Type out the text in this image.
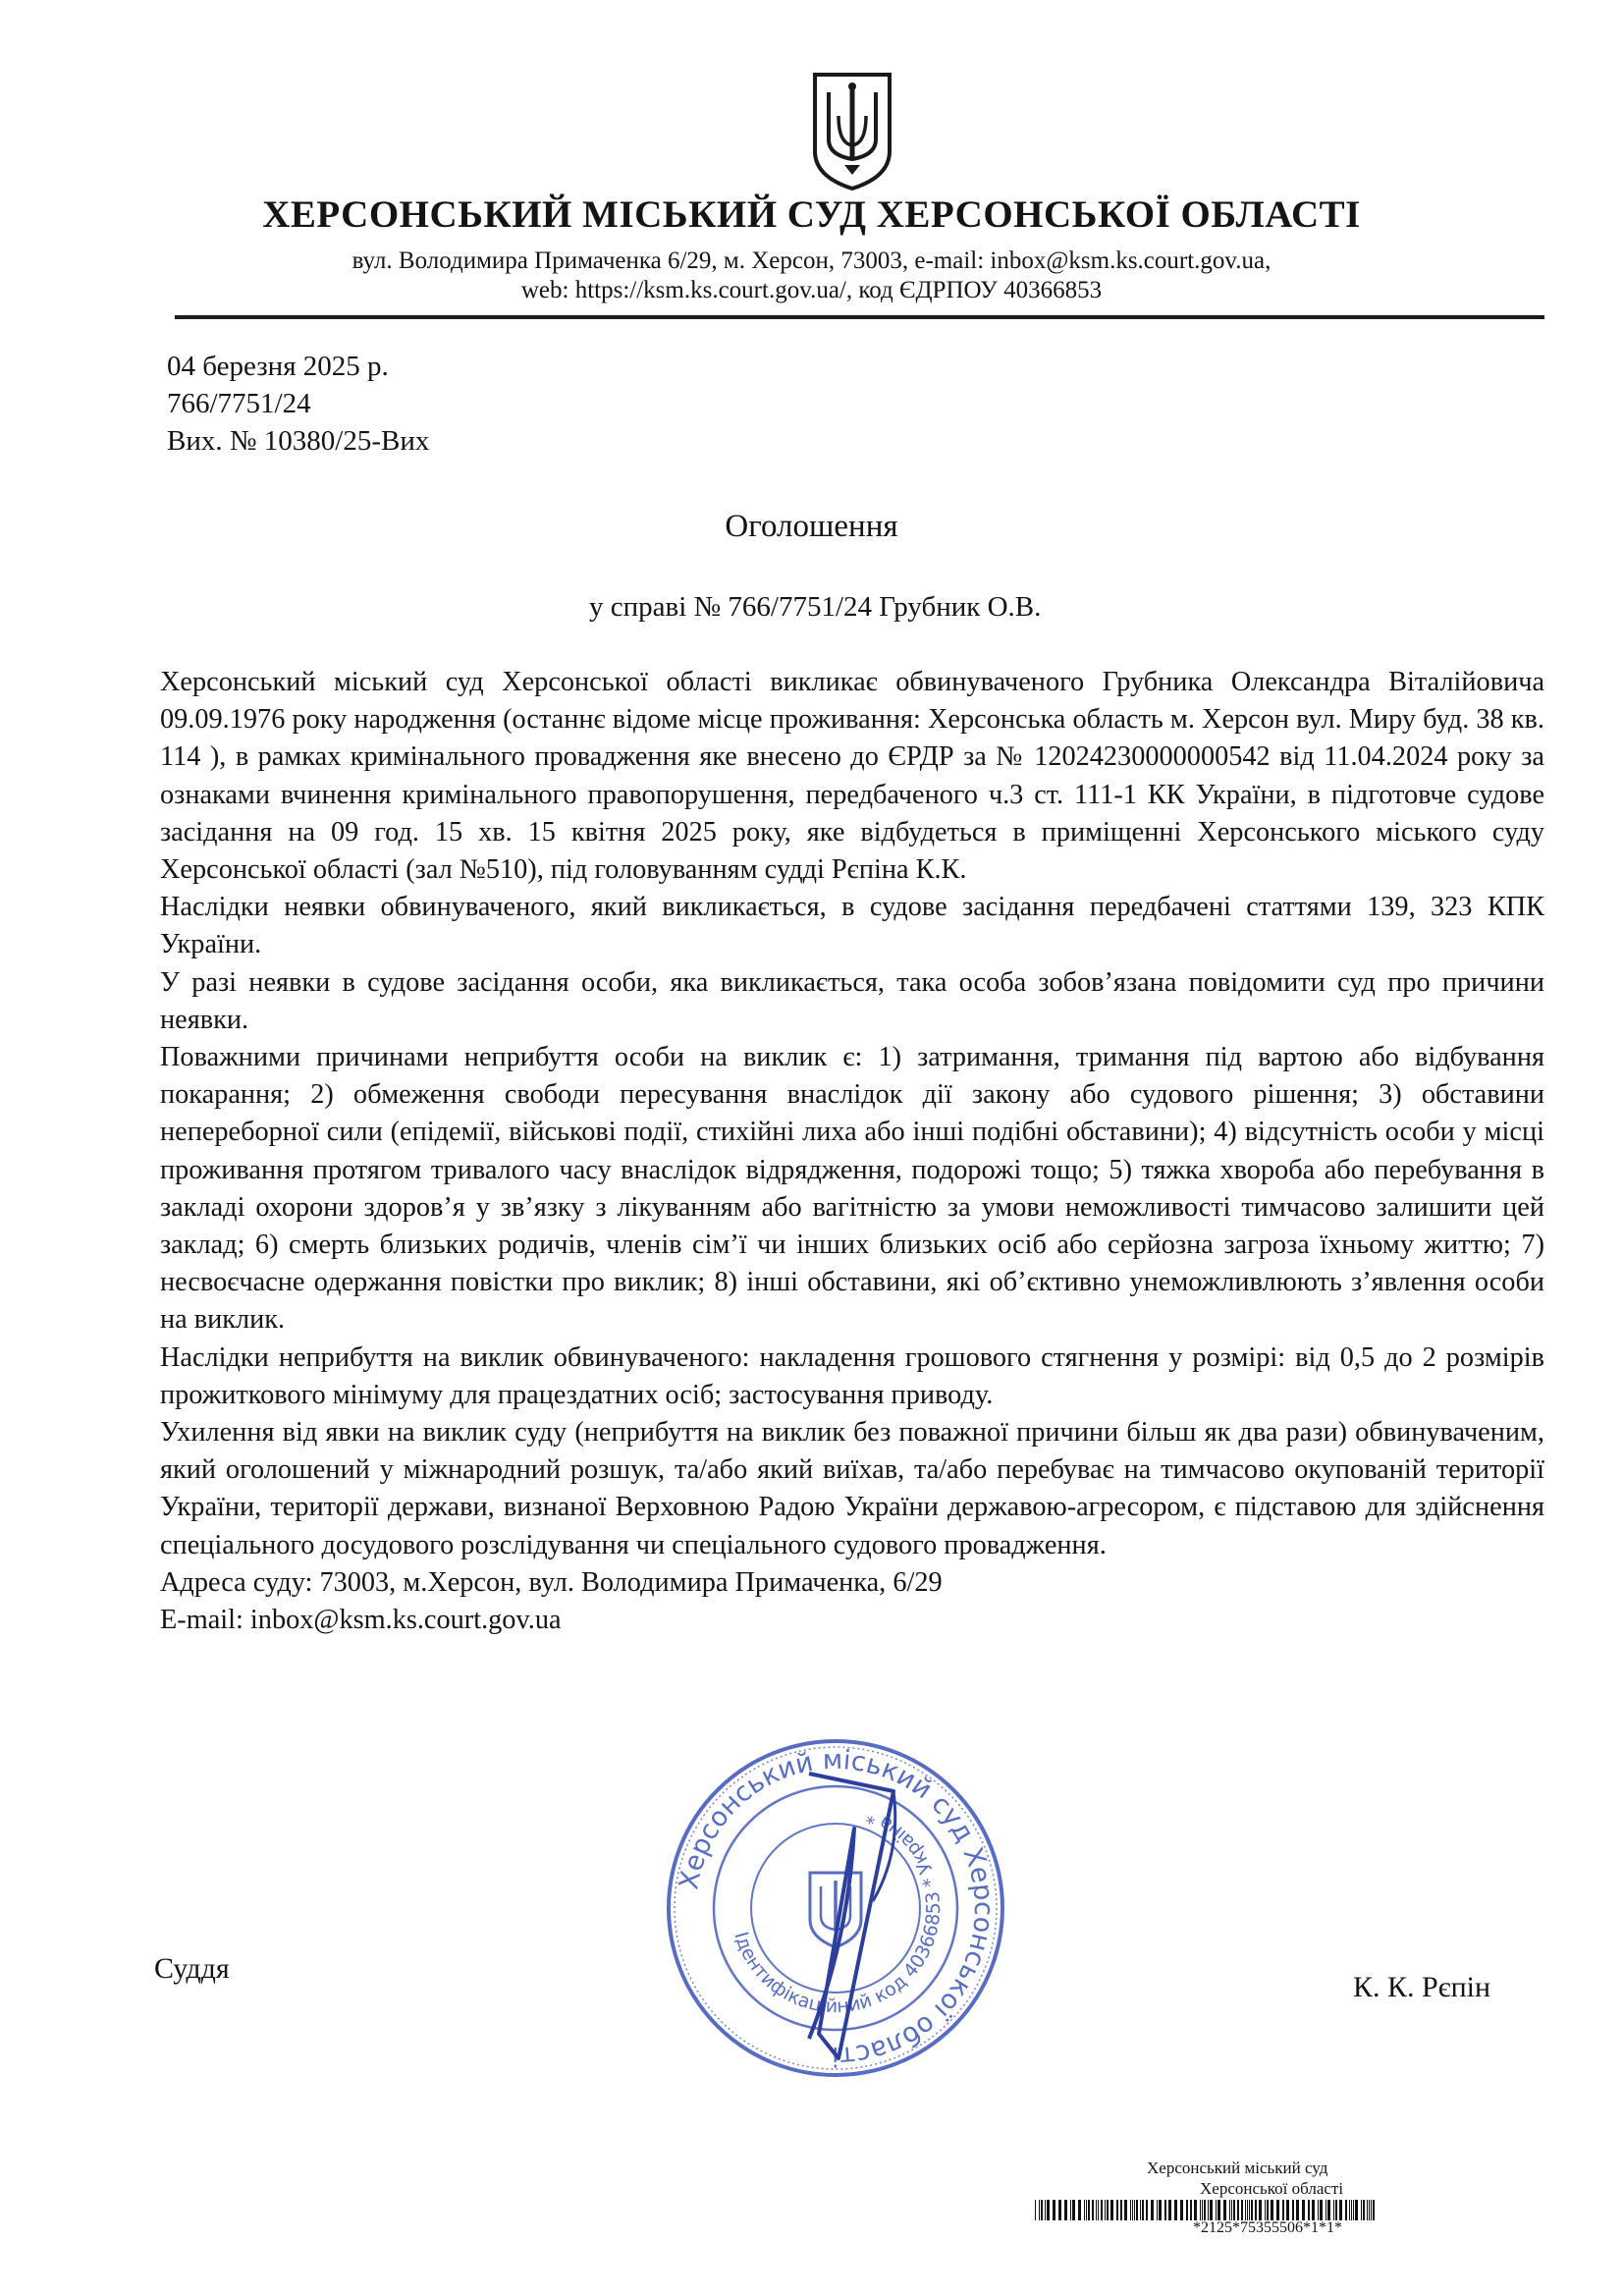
ХЕРСОНСЬКИЙ МІСЬКИЙ СУД ХЕРСОНСЬКОЇ ОБЛАСТІ
вул. Володимира Примаченка 6/29, м. Херсон, 73003, e-mail: inbox@ksm.ks.court.gov.ua,
web: https://ksm.ks.court.gov.ua/, код ЄДРПОУ 40366853
04 березня 2025 р.
766/7751/24
Вих. № 10380/25-Вих
Оголошення
у справі № 766/7751/24 Грубник О.В.

Херсонський міський суд Херсонської області викликає обвинуваченого Грубника Олександра Віталійовича 09.09.1976 року народження (останнє відоме місце проживання: Херсонська область м. Херсон вул. Миру буд. 38 кв. 114 ), в рамках кримінального провадження яке внесено до ЄРДР за № 12024230000000542 від 11.04.2024 року за ознаками вчинення кримінального правопорушення, передбаченого ч.3 ст. 111-1 КК України, в підготовче судове засідання на 09 год. 15 хв. 15 квітня 2025 року, яке відбудеться в приміщенні Херсонського міського суду Херсонської області (зал №510), під головуванням судді Рєпіна К.К.

Наслідки неявки обвинуваченого, який викликається, в судове засідання передбачені статтями 139, 323 КПК України.

У разі неявки в судове засідання особи, яка викликається, така особа зобов’язана повідомити суд про причини неявки.

Поважними причинами неприбуття особи на виклик є: 1) затримання, тримання під вартою або відбування покарання; 2) обмеження свободи пересування внаслідок дії закону або судового рішення; 3) обставини непереборної сили (епідемії, військові події, стихійні лиха або інші подібні обставини); 4) відсутність особи у місці проживання протягом тривалого часу внаслідок відрядження, подорожі тощо; 5) тяжка хвороба або перебування в закладі охорони здоров’я у зв’язку з лікуванням або вагітністю за умови неможливості тимчасово залишити цей заклад; 6) смерть близьких родичів, членів сім’ї чи інших близьких осіб або серйозна загроза їхньому життю; 7) несвоєчасне одержання повістки про виклик; 8) інші обставини, які об’єктивно унеможливлюють з’явлення особи на виклик.

Наслідки неприбуття на виклик обвинуваченого: накладення грошового стягнення у розмірі: від 0,5 до 2 розмірів прожиткового мінімуму для працездатних осіб; застосування приводу.

Ухилення від явки на виклик суду (неприбуття на виклик без поважної причини більш як два рази) обвинуваченим, який оголошений у міжнародний розшук, та/або який виїхав, та/або перебуває на тимчасово окупованій території України, території держави, визнаної Верховною Радою України державою-агресором, є підставою для здійснення спеціального досудового розслідування чи спеціального судового провадження.

Адреса суду: 73003, м.Херсон, вул. Володимира Примаченка, 6/29

E-mail: inbox@ksm.ks.court.gov.ua

Херсонський міський суд Херсонської області
Ідентифікаційний код 40366853 * Україна *
Суддя
К. К. Рєпін
Херсонський міський суд
Херсонської області
*2125*75355506*1*1*
